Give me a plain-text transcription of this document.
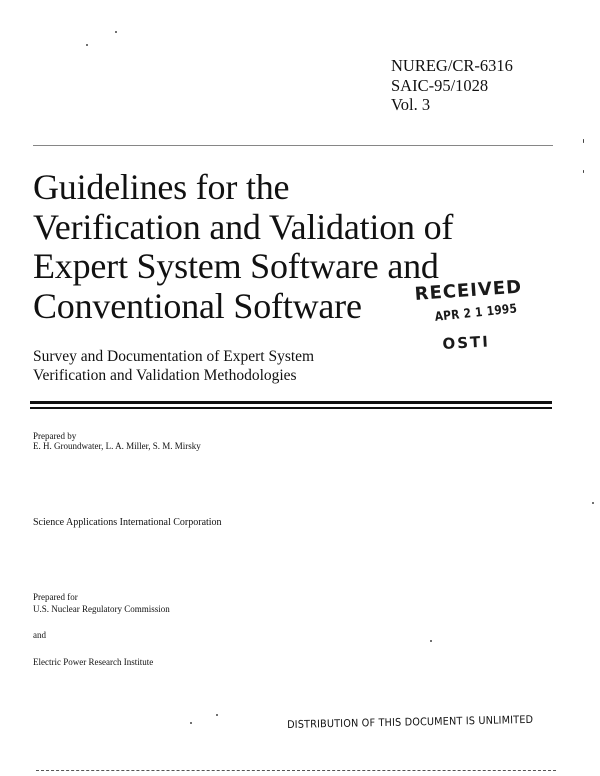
NUREG/CR-6316
SAIC-95/1028
Vol. 3
Guidelines for the
Verification and Validation of
Expert System Software and
Conventional Software	RECEIVED
APR 2 1 1995
OSTI
Survey and Documentation of Expert System
Verification and Validation Methodologies
Prepared by
E. H. Groundwater, L. A. Miller, S. M. Mirsky
Science Applications International Corporation
Prepared for
U.S. Nuclear Regulatory Commission
and
Electric Power Research Institute
DISTRIBUTION OF THIS DOCUMENT IS UNLIMITED
